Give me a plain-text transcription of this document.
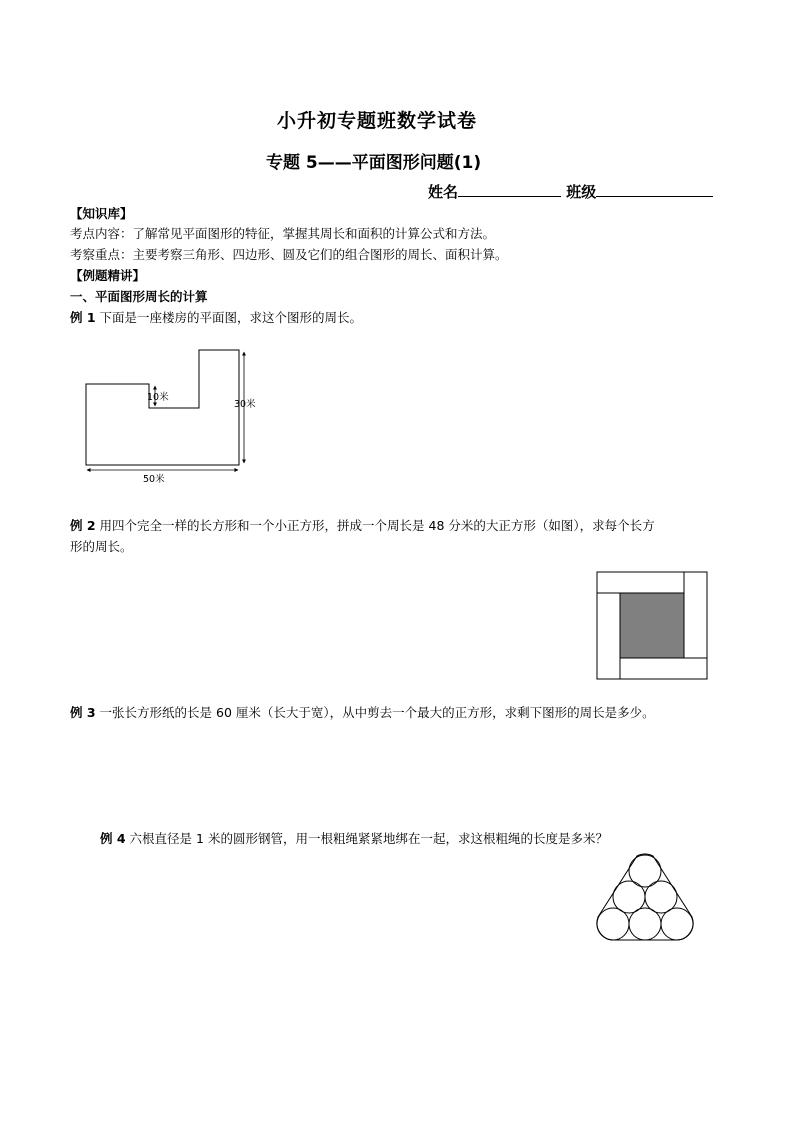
小升初专题班数学试卷
专题 5——平面图形问题(1)
姓名	班级
【知识库】
考点内容：了解常见平面图形的特征，掌握其周长和面积的计算公式和方法。
考察重点：主要考察三角形、四边形、圆及它们的组合图形的周长、面积计算。
【例题精讲】
一、平面图形周长的计算
例 1 下面是一座楼房的平面图，求这个图形的周长。
10米
30米
50米
例 2 用四个完全一样的长方形和一个小正方形，拼成一个周长是 48 分米的大正方形（如图），求每个长方
形的周长。
例 3 一张长方形纸的长是 60 厘米（长大于宽），从中剪去一个最大的正方形，求剩下图形的周长是多少。
例 4 六根直径是 1 米的圆形钢管，用一根粗绳紧紧地绑在一起，求这根粗绳的长度是多米？
